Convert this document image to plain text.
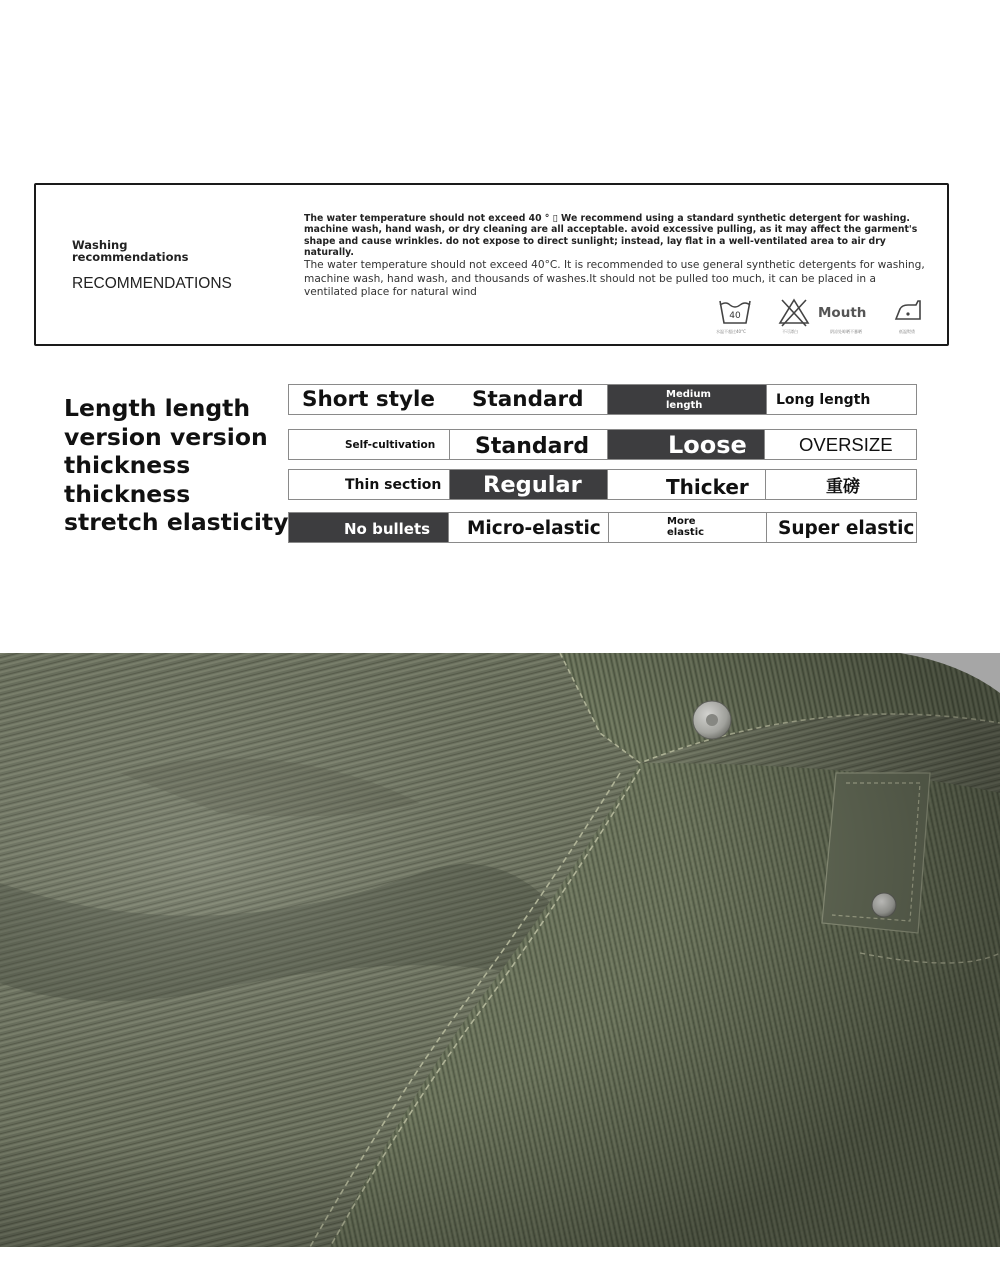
Washing recommendations
RECOMMENDATIONS
The water temperature should not exceed 40 ° ▯ We recommend using a standard synthetic detergent for washing. machine wash, hand wash, or dry cleaning are all acceptable. avoid excessive pulling, as it may affect the garment's shape and cause wrinkles. do not expose to direct sunlight; instead, lay flat in a well-ventilated area to air dry naturally.
The water temperature should not exceed 40°C. It is recommended to use general synthetic detergents for washing, machine wash, hand wash, and thousands of washes.It should not be pulled too much, it can be placed in a ventilated place for natural wind
40
水温不超过40°C	不可漂白
Mouth
阴凉处晾晒不暴晒	低温熨烫
Length length
version version
thickness
thickness
stretch elasticity
Short style	Standard	Medium length	Long length
Self-cultivation	Standard	Loose	OVERSIZE
Thin section	Regular	Thicker	重磅
No bullets	Micro-elastic	More elastic	Super elastic
